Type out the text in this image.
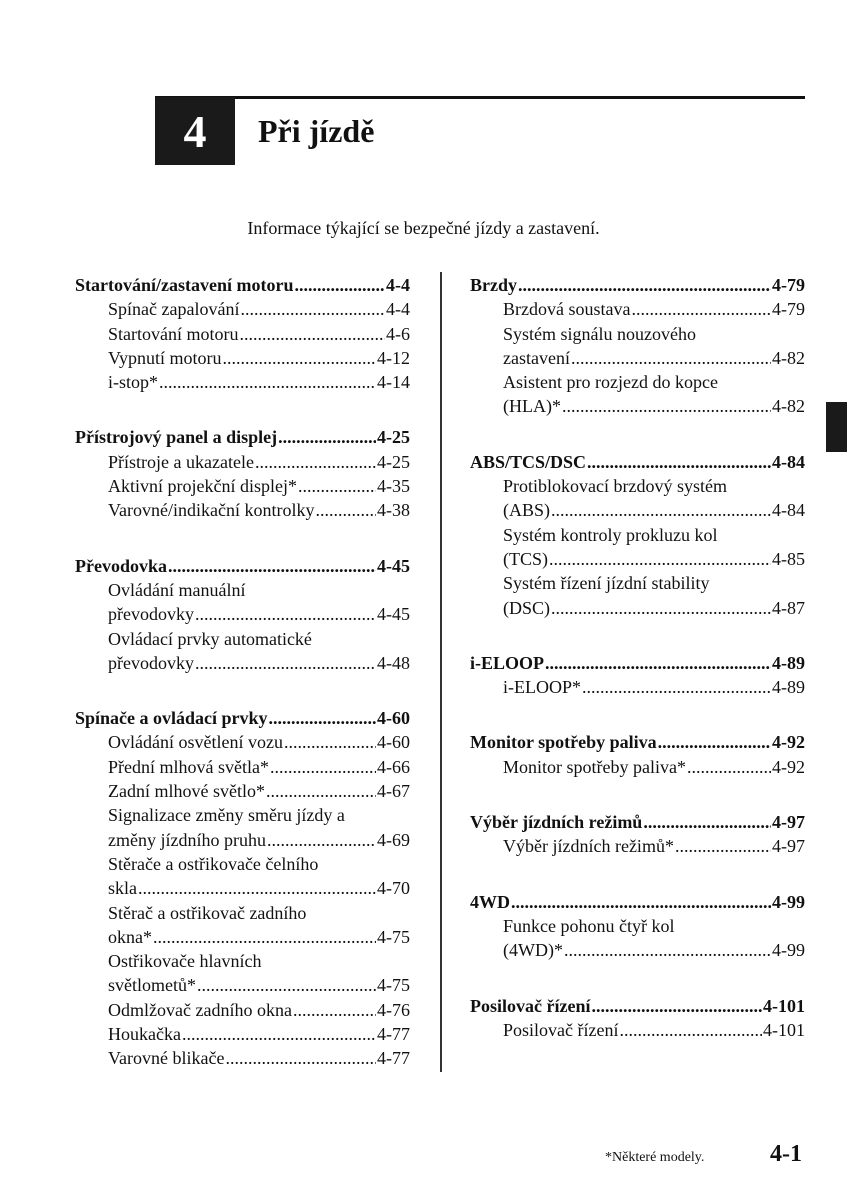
4 Při jízdě
Informace týkající se bezpečné jízdy a zastavení.
Startování/zastavení motoru .....	4-4
Spínač zapalování .....	4-4
Startování motoru .....	4-6
Vypnutí motoru .....	4-12
i-stop* .....	4-14
Přístrojový panel a displej .....	4-25
Přístroje a ukazatele .....	4-25
Aktivní projekční displej* .....	4-35
Varovné/indikační kontrolky .....	4-38
Převodovka .....	4-45
Ovládání manuální
převodovky .....	4-45
Ovládací prvky automatické
převodovky .....	4-48
Spínače a ovládací prvky .....	4-60
Ovládání osvětlení vozu .....	4-60
Přední mlhová světla* .....	4-66
Zadní mlhové světlo* .....	4-67
Signalizace změny směru jízdy a
změny jízdního pruhu .....	4-69
Stěrače a ostřikovače čelního
skla .....	4-70
Stěrač a ostřikovač zadního
okna* .....	4-75
Ostřikovače hlavních
světlometů* .....	4-75
Odmlžovač zadního okna .....	4-76
Houkačka .....	4-77
Varovné blikače .....	4-77
Brzdy .....	4-79
Brzdová soustava .....	4-79
Systém signálu nouzového
zastavení .....	4-82
Asistent pro rozjezd do kopce
(HLA)* .....	4-82
ABS/TCS/DSC .....	4-84
Protiblokovací brzdový systém
(ABS) .....	4-84
Systém kontroly prokluzu kol
(TCS) .....	4-85
Systém řízení jízdní stability
(DSC) .....	4-87
i-ELOOP .....	4-89
i-ELOOP* .....	4-89
Monitor spotřeby paliva .....	4-92
Monitor spotřeby paliva* .....	4-92
Výběr jízdních režimů .....	4-97
Výběr jízdních režimů* .....	4-97
4WD .....	4-99
Funkce pohonu čtyř kol
(4WD)* .....	4-99
Posilovač řízení .....	4-101
Posilovač řízení .....	4-101
*Některé modely.	4-1
